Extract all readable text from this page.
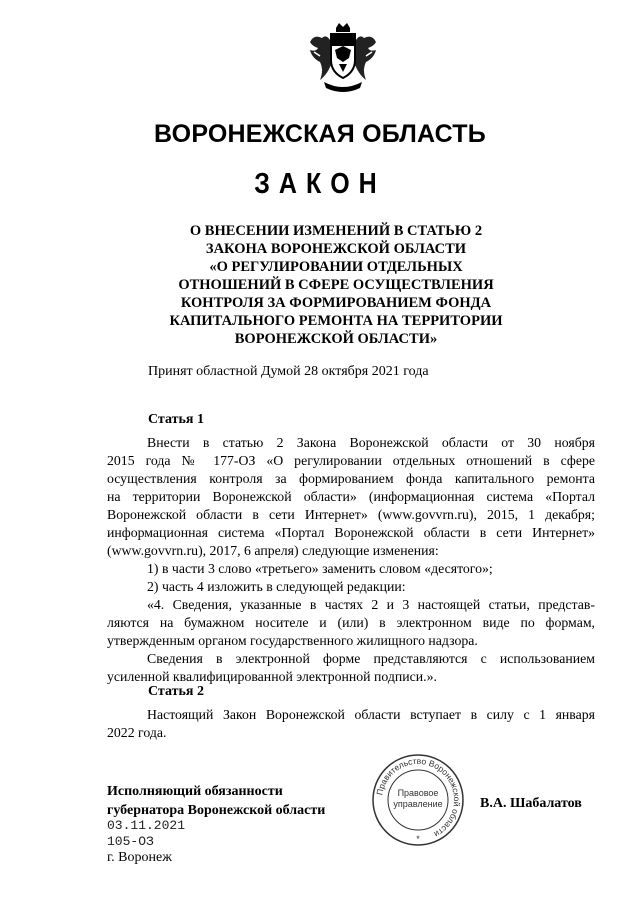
ВОРОНЕЖСКАЯ ОБЛАСТЬ
ЗАКОН
О ВНЕСЕНИИ ИЗМЕНЕНИЙ В СТАТЬЮ 2
ЗАКОНА ВОРОНЕЖСКОЙ ОБЛАСТИ
«О РЕГУЛИРОВАНИИ ОТДЕЛЬНЫХ
ОТНОШЕНИЙ В СФЕРЕ ОСУЩЕСТВЛЕНИЯ
КОНТРОЛЯ ЗА ФОРМИРОВАНИЕМ ФОНДА
КАПИТАЛЬНОГО РЕМОНТА НА ТЕРРИТОРИИ
ВОРОНЕЖСКОЙ ОБЛАСТИ»
Принят областной Думой 28 октября 2021 года
Статья 1
Внести в статью 2 Закона Воронежской области от 30 ноября
2015 года № 177-ОЗ «О регулировании отдельных отношений в сфере
осуществления контроля за формированием фонда капитального ремонта
на территории Воронежской области» (информационная система «Портал
Воронежской области в сети Интернет» (www.govvrn.ru), 2015, 1 декабря;
информационная система «Портал Воронежской области в сети Интернет»
(www.govvrn.ru), 2017, 6 апреля) следующие изменения:
1) в части 3 слово «третьего» заменить словом «десятого»;
2) часть 4 изложить в следующей редакции:
«4. Сведения, указанные в частях 2 и 3 настоящей статьи, представ-
ляются на бумажном носителе и (или) в электронном виде по формам,
утвержденным органом государственного жилищного надзора.
Сведения в электронной форме представляются с использованием
усиленной квалифицированной электронной подписи.».
Статья 2
Настоящий Закон Воронежской области вступает в силу с 1 января
2022 года.
Исполняющий обязанности
губернатора Воронежской области
03.11.2021
105-ОЗ
г. Воронеж
Правительство Воронежской области
Правовое
управление
*
В.А. Шабалатов
